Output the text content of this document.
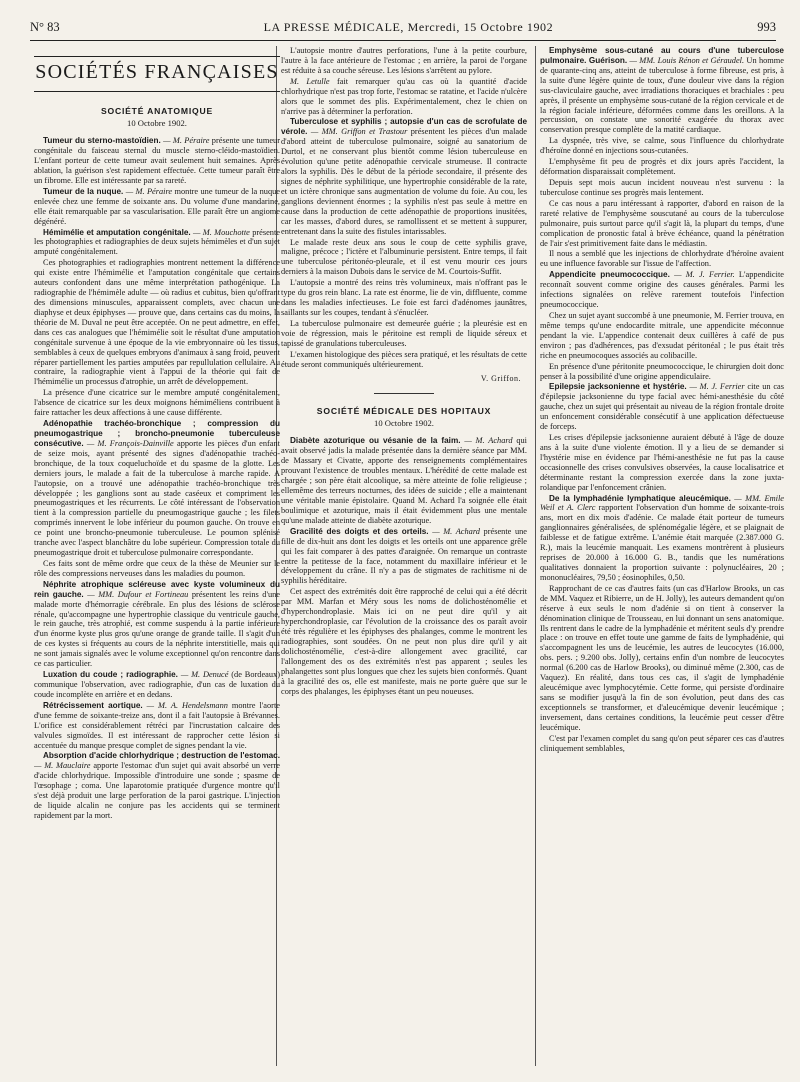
N° 83	LA PRESSE MÉDICALE, Mercredi, 15 Octobre 1902	993
SOCIÉTÉS FRANÇAISES
SOCIÉTÉ ANATOMIQUE
10 Octobre 1902.

Tumeur du sterno-mastoïdien. — M. Péraire présente une tumeur congénitale du faisceau sternal du muscle sterno-cléido-mastoïdien. L'enfant porteur de cette tumeur avait seulement huit semaines. Après ablation, la guérison s'est rapidement effectuée. Cette tumeur paraît être un fibrome. Elle est intéressante par sa rareté.

Tumeur de la nuque. — M. Péraire montre une tumeur de la nuque enlevée chez une femme de soixante ans. Du volume d'une mandarine, elle était remarquable par sa vascularisation. Elle paraît être un angiome dégénéré.

Hémimélie et amputation congénitale. — M. Mouchotte présente les photographies et radiographies de deux sujets hémimèles et d'un sujet amputé congénitalement.

Ces photographies et radiographies montrent nettement la différence qui existe entre l'hémimélie et l'amputation congénitale que certains auteurs confondent dans une même interprétation pathogénique. La radiographie de l'hémimèle adulte — où radius et cubitus, bien qu'offrant des dimensions minuscules, apparaissent complets, avec chacun une diaphyse et deux épiphyses — prouve que, dans certains cas du moins, la théorie de M. Duval ne peut être acceptée. On ne peut admettre, en effet, dans ces cas analogues que l'hémimélie soit le résultat d'une amputation congénitale survenue à une époque de la vie embryonnaire où les tissus, semblables à ceux de quelques embryons d'animaux à sang froid, peuvent réparer partiellement les parties amputées par repullulation cellulaire. Au contraire, la radiographie vient à l'appui de la théorie qui fait de l'hémimélie un processus d'atrophie, un arrêt de développement.

La présence d'une cicatrice sur le membre amputé congénitalement, l'absence de cicatrice sur les deux moignons hémiméliens contribuent à faire rattacher les deux affections à une cause différente.

Adénopathie trachéo-bronchique ; compression du pneumogastrique ; broncho-pneumonie tuberculeuse consécutive. — M. François-Dainville apporte les pièces d'un enfant de seize mois, ayant présenté des signes d'adénopathie trachéo-bronchique, de la toux coqueluchoïde et du spasme de la glotte. Les derniers jours, le malade a fait de la tuberculose à marche rapide. A l'autopsie, on a trouvé une adénopathie trachéo-bronchique très développée ; les ganglions sont au stade caséeux et compriment les pneumogastriques et les récurrents. Le côté intéressant de l'observation tient à la compression partielle du pneumogastrique gauche ; les filets comprimés innervent le lobe inférieur du poumon gauche. On trouve en ce point une broncho-pneumonie tuberculeuse. Le poumon splénisé tranche avec l'aspect blanchâtre du lobe supérieur. Compression totale du pneumogastrique droit et tuberculose pulmonaire correspondante.

Ces faits sont de même ordre que ceux de la thèse de Meunier sur le rôle des compressions nerveuses dans les maladies du poumon.

Néphrite atrophique scléreuse avec kyste volumineux du rein gauche. — MM. Dufour et Fortineau présentent les reins d'une malade morte d'hémorragie cérébrale. En plus des lésions de sclérose rénale, qu'accompagne une hypertrophie classique du ventricule gauche, le rein gauche, très atrophié, est comme suspendu à la partie inférieure d'un énorme kyste plus gros qu'une orange de grande taille. Il s'agit d'un de ces kystes si fréquents au cours de la néphrite interstitielle, mais qui ne sont jamais signalés avec le volume exceptionnel qu'on rencontre dans ce cas particulier.

Luxation du coude ; radiographie. — M. Denucé (de Bordeaux) communique l'observation, avec radiographie, d'un cas de luxation du coude incomplète en arrière et en dedans.

Rétrécissement aortique. — M. A. Hendelsmann montre l'aorte d'une femme de soixante-treize ans, dont il a fait l'autopsie à Brévannes. L'orifice est considérablement rétréci par l'incrustation calcaire des valvules sigmoïdes. Il est intéressant de rapprocher cette lésion si accentuée du manque presque complet de signes pendant la vie.

Absorption d'acide chlorhydrique ; destruction de l'estomac. — M. Mauclaire apporte l'estomac d'un sujet qui avait absorbé un verre d'acide chlorhydrique. Impossible d'introduire une sonde ; spasme de l'œsophage ; coma. Une laparotomie pratiquée d'urgence montre qu'il s'est déjà produit une large perforation de la paroi gastrique. L'injection de liquide alcalin ne conjure pas les accidents qui se terminent rapidement par la mort.

L'autopsie montre d'autres perforations, l'une à la petite courbure, l'autre à la face antérieure de l'estomac ; en arrière, la paroi de l'organe est réduite à sa couche séreuse. Les lésions s'arrêtent au pylore.

M. Letulle fait remarquer qu'au cas où la quantité d'acide chlorhydrique n'est pas trop forte, l'estomac se ratatine, et l'acide n'ulcère alors que le sommet des plis. Expérimentalement, chez le chien on n'arrive pas à déterminer la perforation.

Tuberculose et syphilis ; autopsie d'un cas de scrofulate de vérole. — MM. Griffon et Trastour présentent les pièces d'un malade d'abord atteint de tuberculose pulmonaire, soigné au sanatorium de Durtol, et ne conservant plus bientôt comme lésion tuberculeuse en évolution qu'une petite adénopathie cervicale strumeuse. Il contracte alors la syphilis. Dès le début de la période secondaire, il présente des signes de néphrite syphilitique, une hypertrophie considérable de la rate, et un ictère chronique sans augmentation de volume du foie. Au cou, les ganglions deviennent énormes ; la syphilis n'est pas seule à mettre en cause dans la production de cette adénopathie de proportions inusitées, car les masses, d'abord dures, se ramollissent et se mettent à suppurer, entretenant dans la suite des fistules intarissables.

Le malade reste deux ans sous le coup de cette syphilis grave, maligne, précoce ; l'ictère et l'albuminurie persistent. Entre temps, il fait une tuberculose péritonéo-pleurale, et il est venu mourir ces jours derniers à la maison Dubois dans le service de M. Courtois-Suffit.

L'autopsie a montré des reins très volumineux, mais n'offrant pas le type du gros rein blanc. La rate est énorme, lie de vin, diffluente, comme dans les maladies infectieuses. Le foie est farci d'adénomes jaunâtres, saillants sur les coupes, tendant à s'énucléer.

La tuberculose pulmonaire est demeurée guérie ; la pleurésie est en voie de régression, mais le péritoine est rempli de liquide séreux et tapissé de granulations tuberculeuses.

L'examen histologique des pièces sera pratiqué, et les résultats de cette étude seront communiqués ultérieurement.

V. Griffon.
SOCIÉTÉ MÉDICALE DES HOPITAUX
10 Octobre 1902.

Diabète azoturique ou vésanie de la faim. — M. Achard qui avait observé jadis la malade présentée dans la dernière séance par MM. de Massary et Civatte, apporte des renseignements complémentaires prouvant l'existence de troubles mentaux. L'hérédité de cette malade est chargée ; son père était alcoolique, sa mère atteinte de folie religieuse ; ellemême des terreurs nocturnes, des idées de suicide ; elle a maintenant une véritable manie épistolaire. Quand M. Achard l'a soignée elle était boulimique et azoturique, mais il était évidemment plus une mentale qu'une malade atteinte de diabète azoturique.

Gracilité des doigts et des orteils. — M. Achard présente une fille de dix-huit ans dont les doigts et les orteils ont une apparence grêle qui les fait comparer à des pattes d'araignée. On remarque un contraste entre la petitesse de la face, notamment du maxillaire inférieur et le développement du crâne. Il n'y a pas de stigmates de rachitisme ni de syphilis héréditaire.

Cet aspect des extrémités doit être rapproché de celui qui a été décrit par MM. Marfan et Méry sous les noms de dolichosténomélie et d'hyperchondroplasie. Mais ici on ne peut dire qu'il y ait hyperchondroplasie, car l'évolution de la croissance des os paraît avoir été très régulière et les épiphyses des phalanges, comme le montrent les radiographies, sont soudées. On ne peut non plus dire qu'il y ait dolichosténomélie, c'est-à-dire allongement avec gracilité, car l'allongement des os des extrémités n'est pas apparent ; seules les phalangettes sont plus longues que chez les sujets bien conformés. Quant à la gracilité des os, elle est manifeste, mais ne porte guère que sur le corps des phalanges, les épiphyses étant un peu noueuses.

Emphysème sous-cutané au cours d'une tuberculose pulmonaire. Guérison. — MM. Louis Rénon et Géraudel. Un homme de quarante-cinq ans, atteint de tuberculose à forme fibreuse, est pris, à la suite d'une légère quinte de toux, d'une douleur vive dans la région sus-claviculaire gauche, avec irradiations thoraciques et brachiales : peu après, il présente un emphysème sous-cutané de la région cervicale et de la région faciale inférieure, déformées comme dans les oreillons. A la percussion, on constate une sonorité exagérée du thorax avec conservation presque complète de la matité cardiaque.

La dyspnée, très vive, se calme, sous l'influence du chlorhydrate d'héroïne donné en injections sous-cutanées.

L'emphysème fit peu de progrès et dix jours après l'accident, la déformation disparaissait complètement.

Depuis sept mois aucun incident nouveau n'est survenu : la tuberculose continue ses progrès mais lentement.

Ce cas nous a paru intéressant à rapporter, d'abord en raison de la rareté relative de l'emphysème souscutané au cours de la tuberculose pulmonaire, puis surtout parce qu'il s'agit là, la plupart du temps, d'une complication de pronostic fatal à brève échéance, quand la pénétration de l'air s'est primitivement faite dans le médiastin.

Il nous a semblé que les injections de chlorhydrate d'héroïne avaient eu une influence favorable sur l'issue de l'affection.

Appendicite pneumococcique. — M. J. Ferrier. L'appendicite reconnaît souvent comme origine des causes générales. Parmi les infections signalées on relève rarement toutefois l'infection pneumococcique.

Chez un sujet ayant succombé à une pneumonie, M. Ferrier trouva, en même temps qu'une endocardite mitrale, une appendicite méconnue pendant la vie. L'appendice contenait deux cuillères à café de pus environ ; pas d'adhérences, pas d'exsudat péritonéal ; le pus était très riche en pneumocoques associés au colibacille.

En présence d'une péritonite pneumococcique, le chirurgien doit donc penser à la possibilité d'une origine appendiculaire.

Epilepsie jacksonienne et hystérie. — M. J. Ferrier cite un cas d'épilepsie jacksonienne du type facial avec hémi-anesthésie du côté gauche, chez un sujet qui présentait au niveau de la région frontale droite un enfoncement considérable consécutif à une application défectueuse de forceps.

Les crises d'épilepsie jacksonienne auraient débuté à l'âge de douze ans à la suite d'une violente émotion. Il y a lieu de se demander si l'hystérie mise en évidence par l'hémi-anesthésie ne fut pas la cause occasionnelle des crises convulsives observées, la cause localisatrice et déterminante restant la compression exercée dans la zone juxta-rolandique par l'enfoncement crânien.

De la lymphadénie lymphatique aleucémique. — MM. Emile Weil et A. Clerc rapportent l'observation d'un homme de soixante-trois ans, mort en dix mois d'adénie. Ce malade était porteur de tumeurs ganglionnaires généralisées, de splénomégalie légère, et se plaignait de faiblesse et de fatigue extrême. L'anémie était marquée (2.387.000 G. R.), mais la leucémie manquait. Les examens montrèrent à plusieurs reprises de 20.000 à 16.000 G. B., tandis que les numérations qualitatives donnaient la proportion suivante : polynucléaires, 20 ; mononucléaires, 79,50 ; éosinophiles, 0,50.

Rapprochant de ce cas d'autres faits (un cas d'Harlow Brooks, un cas de MM. Vaquez et Ribierre, un de H. Jolly), les auteurs demandent qu'on réserve à eux seuls le nom d'adénie si on tient à conserver la dénomination clinique de Trousseau, en lui donnant un sens anatomique. Ils rentrent dans le cadre de la lymphadénie et méritent seuls d'y prendre place : on trouve en effet toute une gamme de faits de lymphadénie, qui s'accompagnent les uns de leucémie, les autres de leucocytes (16.000, obs. pers. ; 9.200 obs. Jolly), certains enfin d'un nombre de leucocytes normal (6.200 cas de Harlow Brooks), ou diminué même (2.300, cas de Vaquez). En réalité, dans tous ces cas, il s'agit de lymphadénie aleucémique avec lymphocytémie. Cette forme, qui persiste d'ordinaire sans se modifier jusqu'à la fin de son évolution, peut dans des cas exceptionnels se transformer, et d'aleucémique devenir leucémique ; inversement, dans certaines conditions, la leucémie peut cesser d'être leucémique.

C'est par l'examen complet du sang qu'on peut séparer ces cas d'autres cliniquement semblables,
